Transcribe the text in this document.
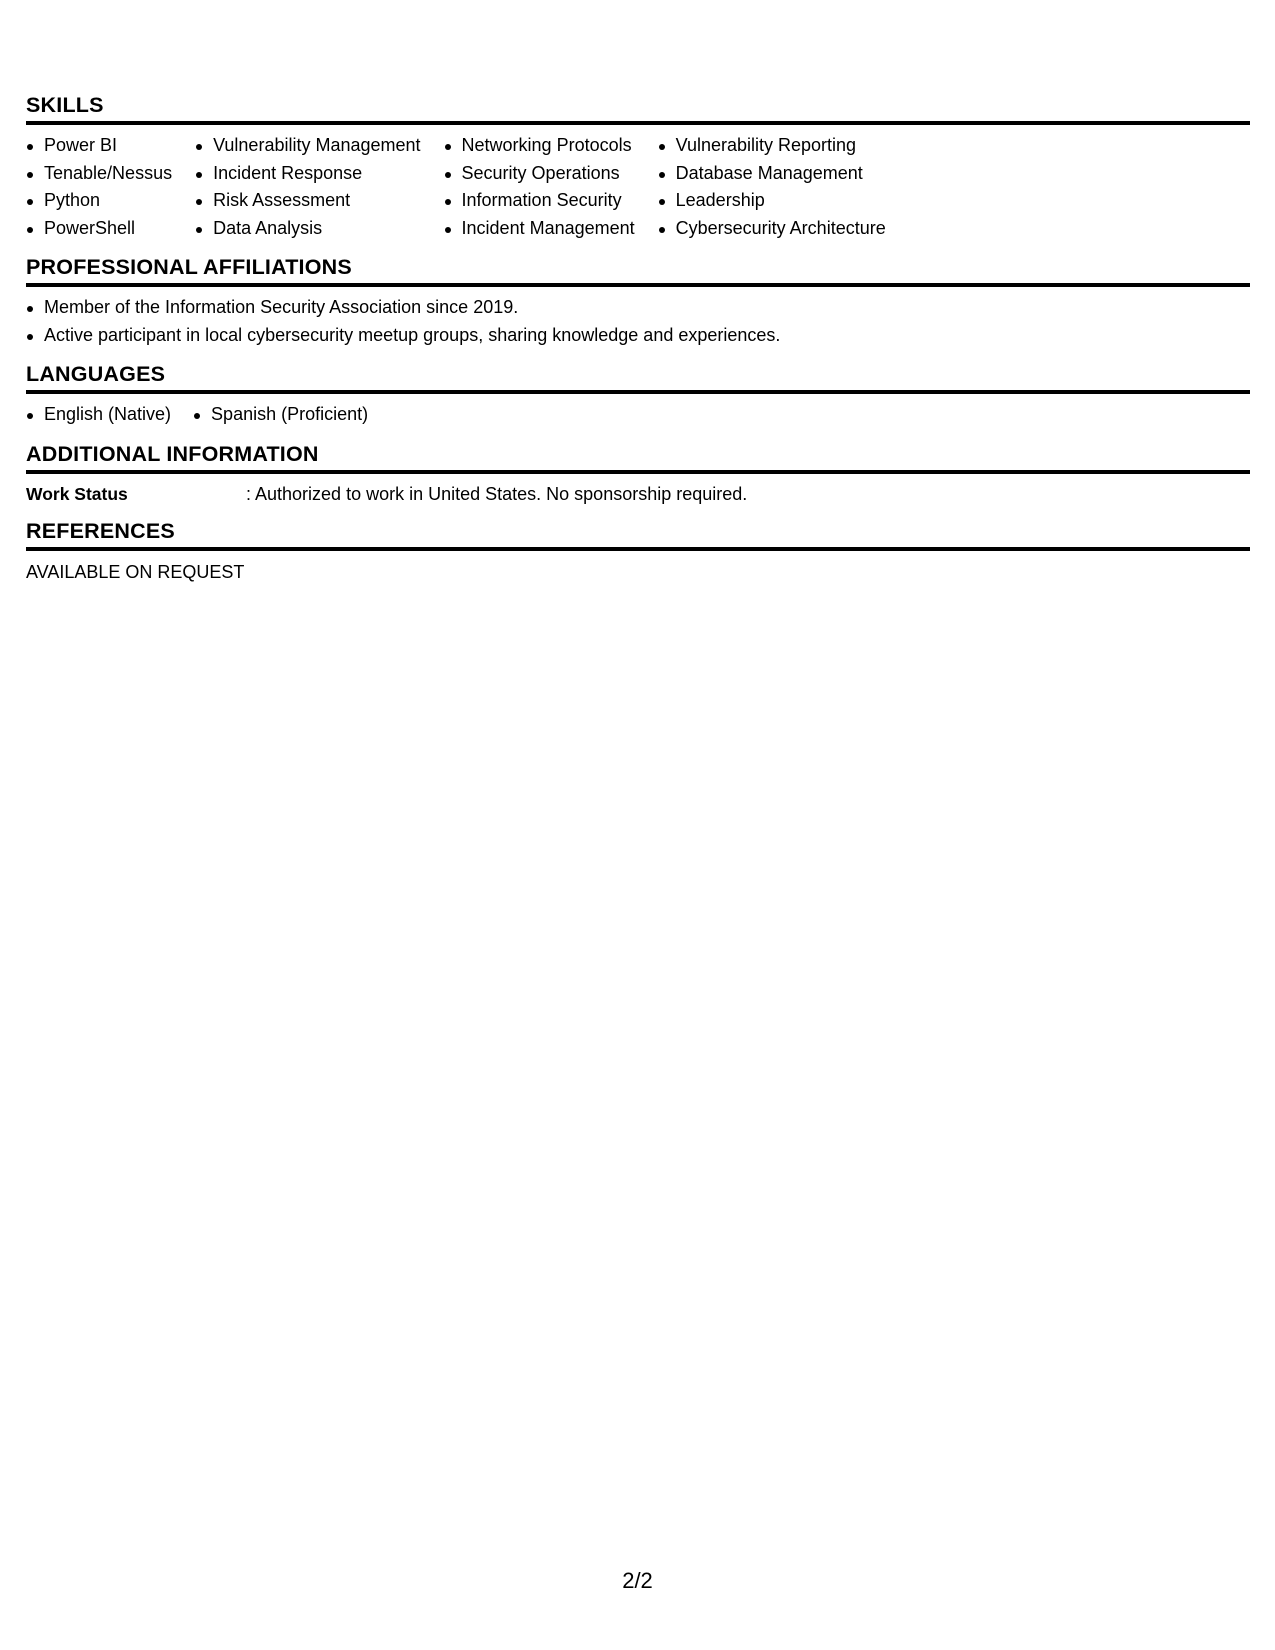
SKILLS
Power BI
Tenable/Nessus
Python
PowerShell
Vulnerability Management
Incident Response
Risk Assessment
Data Analysis
Networking Protocols
Security Operations
Information Security
Incident Management
Vulnerability Reporting
Database Management
Leadership
Cybersecurity Architecture
PROFESSIONAL AFFILIATIONS
Member of the Information Security Association since 2019.
Active participant in local cybersecurity meetup groups, sharing knowledge and experiences.
LANGUAGES
English (Native)	Spanish (Proficient)
ADDITIONAL INFORMATION
Work Status	: Authorized to work in United States. No sponsorship required.
REFERENCES
AVAILABLE ON REQUEST
2/2
